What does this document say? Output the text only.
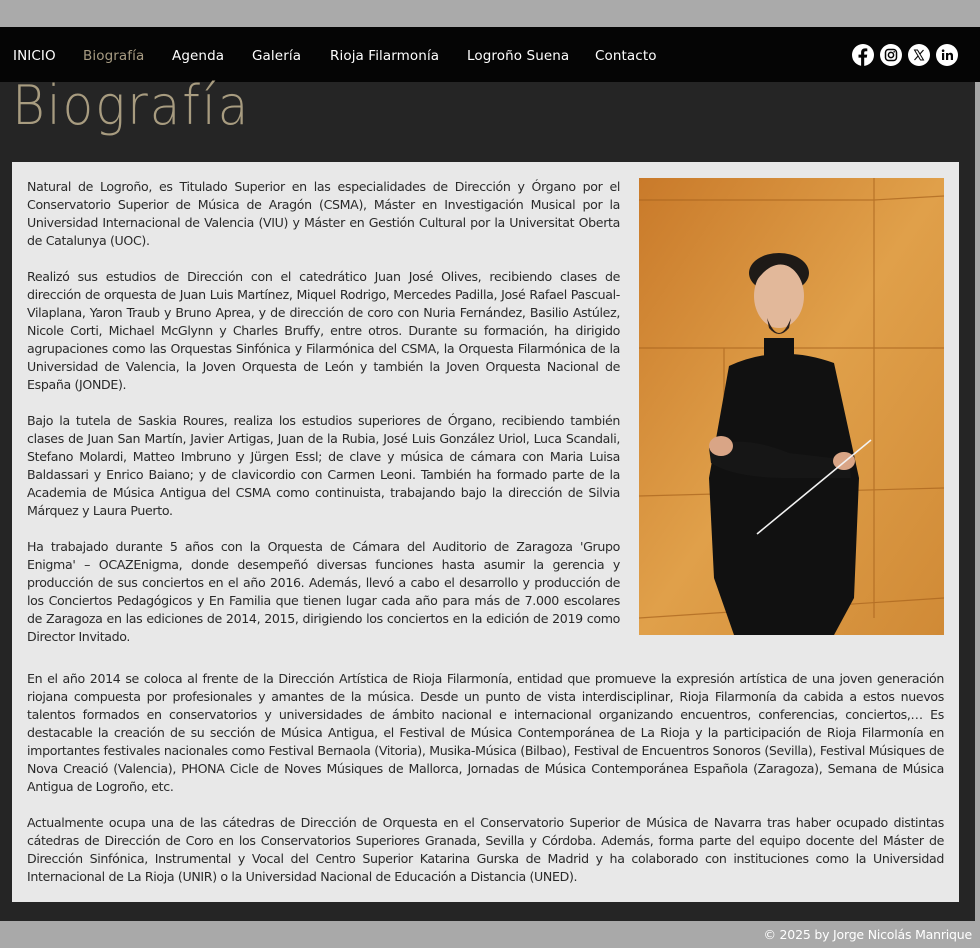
INICIO Biografía Agenda Galería Rioja Filarmonía Logroño Suena Contacto
Biografía

Natural de Logroño, es Titulado Superior en las especialidades de Dirección y Órgano por el Conservatorio Superior de Música de Aragón (CSMA), Máster en Investigación Musical por la Universidad Internacional de Valencia (VIU) y Máster en Gestión Cultural por la Universitat Oberta de Catalunya (UOC).

Realizó sus estudios de Dirección con el catedrático Juan José Olives, recibiendo clases de dirección de orquesta de Juan Luis Martínez, Miquel Rodrigo, Mercedes Padilla, José Rafael Pascual-Vilaplana, Yaron Traub y Bruno Aprea, y de dirección de coro con Nuria Fernández, Basilio Astúlez, Nicole Corti, Michael McGlynn y Charles Bruffy, entre otros. Durante su formación, ha dirigido agrupaciones como las Orquestas Sinfónica y Filarmónica del CSMA, la Orquesta Filarmónica de la Universidad de Valencia, la Joven Orquesta de León y también la Joven Orquesta Nacional de España (JONDE).

Bajo la tutela de Saskia Roures, realiza los estudios superiores de Órgano, recibiendo también clases de Juan San Martín, Javier Artigas, Juan de la Rubia, José Luis González Uriol, Luca Scandali, Stefano Molardi, Matteo Imbruno y Jürgen Essl; de clave y música de cámara con Maria Luisa Baldassari y Enrico Baiano; y de clavicordio con Carmen Leoni. También ha formado parte de la Academia de Música Antigua del CSMA como continuista, trabajando bajo la dirección de Silvia Márquez y Laura Puerto.

Ha trabajado durante 5 años con la Orquesta de Cámara del Auditorio de Zaragoza 'Grupo Enigma' – OCAZEnigma, donde desempeñó diversas funciones hasta asumir la gerencia y producción de sus conciertos en el año 2016. Además, llevó a cabo el desarrollo y producción de los Conciertos Pedagógicos y En Familia que tienen lugar cada año para más de 7.000 escolares de Zaragoza en las ediciones de 2014, 2015, dirigiendo los conciertos en la edición de 2019 como Director Invitado.

En el año 2014 se coloca al frente de la Dirección Artística de Rioja Filarmonía, entidad que promueve la expresión artística de una joven generación riojana compuesta por profesionales y amantes de la música. Desde un punto de vista interdisciplinar, Rioja Filarmonía da cabida a estos nuevos talentos formados en conservatorios y universidades de ámbito nacional e internacional organizando encuentros, conferencias, conciertos,… Es destacable la creación de su sección de Música Antigua, el Festival de Música Contemporánea de La Rioja y la participación de Rioja Filarmonía en importantes festivales nacionales como Festival Bernaola (Vitoria), Musika-Música (Bilbao), Festival de Encuentros Sonoros (Sevilla), Festival Músiques de Nova Creació (Valencia), PHONA Cicle de Noves Músiques de Mallorca, Jornadas de Música Contemporánea Española (Zaragoza), Semana de Música Antigua de Logroño, etc.

Actualmente ocupa una de las cátedras de Dirección de Orquesta en el Conservatorio Superior de Música de Navarra tras haber ocupado distintas cátedras de Dirección de Coro en los Conservatorios Superiores Granada, Sevilla y Córdoba. Además, forma parte del equipo docente del Máster de Dirección Sinfónica, Instrumental y Vocal del Centro Superior Katarina Gurska de Madrid y ha colaborado con instituciones como la Universidad Internacional de La Rioja (UNIR) o la Universidad Nacional de Educación a Distancia (UNED).

© 2025 by Jorge Nicolás Manrique
